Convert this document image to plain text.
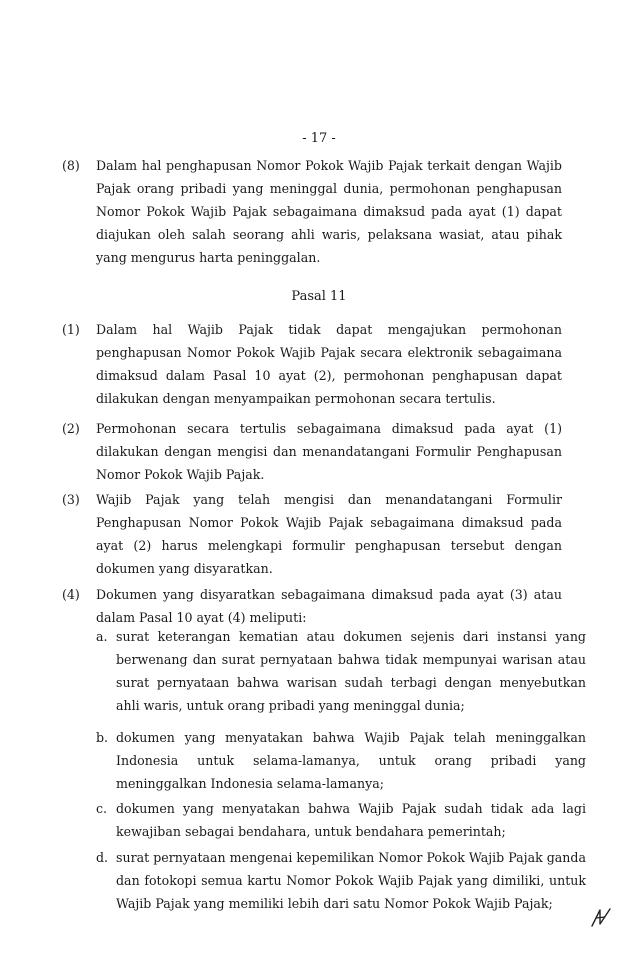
- 17 -
(8)	Dalam hal penghapusan Nomor Pokok Wajib Pajak terkait dengan Wajib Pajak orang pribadi yang meninggal dunia, permohonan penghapusan Nomor Pokok Wajib Pajak sebagaimana dimaksud pada ayat (1) dapat diajukan oleh salah seorang ahli waris, pelaksana wasiat, atau pihak yang mengurus harta peninggalan.
Pasal 11
(1)	Dalam hal Wajib Pajak tidak dapat mengajukan permohonan penghapusan Nomor Pokok Wajib Pajak secara elektronik sebagaimana dimaksud dalam Pasal 10 ayat (2), permohonan penghapusan dapat dilakukan dengan menyampaikan permohonan secara tertulis.
(2)	Permohonan secara tertulis sebagaimana dimaksud pada ayat (1) dilakukan dengan mengisi dan menandatangani Formulir Penghapusan Nomor Pokok Wajib Pajak.
(3)	Wajib Pajak yang telah mengisi dan menandatangani Formulir Penghapusan Nomor Pokok Wajib Pajak sebagaimana dimaksud pada ayat (2) harus melengkapi formulir penghapusan tersebut dengan dokumen yang disyaratkan.
(4)	Dokumen yang disyaratkan sebagaimana dimaksud pada ayat (3) atau dalam Pasal 10 ayat (4) meliputi:
a. surat keterangan kematian atau dokumen sejenis dari instansi yang berwenang dan surat pernyataan bahwa tidak mempunyai warisan atau surat pernyataan bahwa warisan sudah terbagi dengan menyebutkan ahli waris, untuk orang pribadi yang meninggal dunia;
b. dokumen yang menyatakan bahwa Wajib Pajak telah meninggalkan Indonesia untuk selama-lamanya, untuk orang pribadi yang meninggalkan Indonesia selama-lamanya;
c. dokumen yang menyatakan bahwa Wajib Pajak sudah tidak ada lagi kewajiban sebagai bendahara, untuk bendahara pemerintah;
d. surat pernyataan mengenai kepemilikan Nomor Pokok Wajib Pajak ganda dan fotokopi semua kartu Nomor Pokok Wajib Pajak yang dimiliki, untuk Wajib Pajak yang memiliki lebih dari satu Nomor Pokok Wajib Pajak;
